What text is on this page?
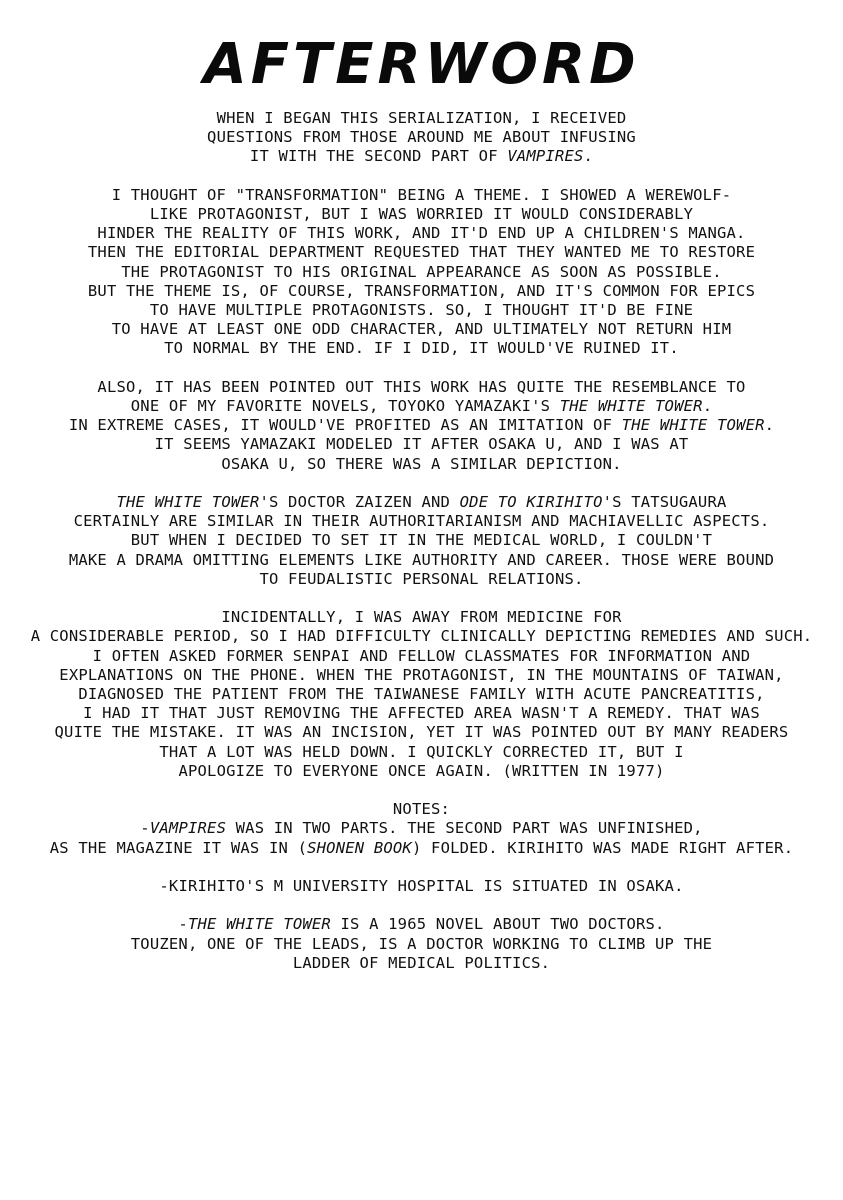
AFTERWORD
WHEN I BEGAN THIS SERIALIZATION, I RECEIVED
QUESTIONS FROM THOSE AROUND ME ABOUT INFUSING
IT WITH THE SECOND PART OF VAMPIRES.
I THOUGHT OF "TRANSFORMATION" BEING A THEME. I SHOWED A WEREWOLF-
LIKE PROTAGONIST, BUT I WAS WORRIED IT WOULD CONSIDERABLY
HINDER THE REALITY OF THIS WORK, AND IT'D END UP A CHILDREN'S MANGA.
THEN THE EDITORIAL DEPARTMENT REQUESTED THAT THEY WANTED ME TO RESTORE
THE PROTAGONIST TO HIS ORIGINAL APPEARANCE AS SOON AS POSSIBLE.
BUT THE THEME IS, OF COURSE, TRANSFORMATION, AND IT'S COMMON FOR EPICS
TO HAVE MULTIPLE PROTAGONISTS. SO, I THOUGHT IT'D BE FINE
TO HAVE AT LEAST ONE ODD CHARACTER, AND ULTIMATELY NOT RETURN HIM
TO NORMAL BY THE END. IF I DID, IT WOULD'VE RUINED IT.
ALSO, IT HAS BEEN POINTED OUT THIS WORK HAS QUITE THE RESEMBLANCE TO
ONE OF MY FAVORITE NOVELS, TOYOKO YAMAZAKI'S THE WHITE TOWER.
IN EXTREME CASES, IT WOULD'VE PROFITED AS AN IMITATION OF THE WHITE TOWER.
IT SEEMS YAMAZAKI MODELED IT AFTER OSAKA U, AND I WAS AT
OSAKA U, SO THERE WAS A SIMILAR DEPICTION.
THE WHITE TOWER'S DOCTOR ZAIZEN AND ODE TO KIRIHITO'S TATSUGAURA
CERTAINLY ARE SIMILAR IN THEIR AUTHORITARIANISM AND MACHIAVELLIC ASPECTS.
BUT WHEN I DECIDED TO SET IT IN THE MEDICAL WORLD, I COULDN'T
MAKE A DRAMA OMITTING ELEMENTS LIKE AUTHORITY AND CAREER. THOSE WERE BOUND
TO FEUDALISTIC PERSONAL RELATIONS.
INCIDENTALLY, I WAS AWAY FROM MEDICINE FOR
A CONSIDERABLE PERIOD, SO I HAD DIFFICULTY CLINICALLY DEPICTING REMEDIES AND SUCH.
I OFTEN ASKED FORMER SENPAI AND FELLOW CLASSMATES FOR INFORMATION AND
EXPLANATIONS ON THE PHONE. WHEN THE PROTAGONIST, IN THE MOUNTAINS OF TAIWAN,
DIAGNOSED THE PATIENT FROM THE TAIWANESE FAMILY WITH ACUTE PANCREATITIS,
I HAD IT THAT JUST REMOVING THE AFFECTED AREA WASN'T A REMEDY. THAT WAS
QUITE THE MISTAKE. IT WAS AN INCISION, YET IT WAS POINTED OUT BY MANY READERS
THAT A LOT WAS HELD DOWN. I QUICKLY CORRECTED IT, BUT I
APOLOGIZE TO EVERYONE ONCE AGAIN. (WRITTEN IN 1977)
NOTES:
-VAMPIRES WAS IN TWO PARTS. THE SECOND PART WAS UNFINISHED,
AS THE MAGAZINE IT WAS IN (SHONEN BOOK) FOLDED. KIRIHITO WAS MADE RIGHT AFTER.
-KIRIHITO'S M UNIVERSITY HOSPITAL IS SITUATED IN OSAKA.
-THE WHITE TOWER IS A 1965 NOVEL ABOUT TWO DOCTORS.
TOUZEN, ONE OF THE LEADS, IS A DOCTOR WORKING TO CLIMB UP THE
LADDER OF MEDICAL POLITICS.
